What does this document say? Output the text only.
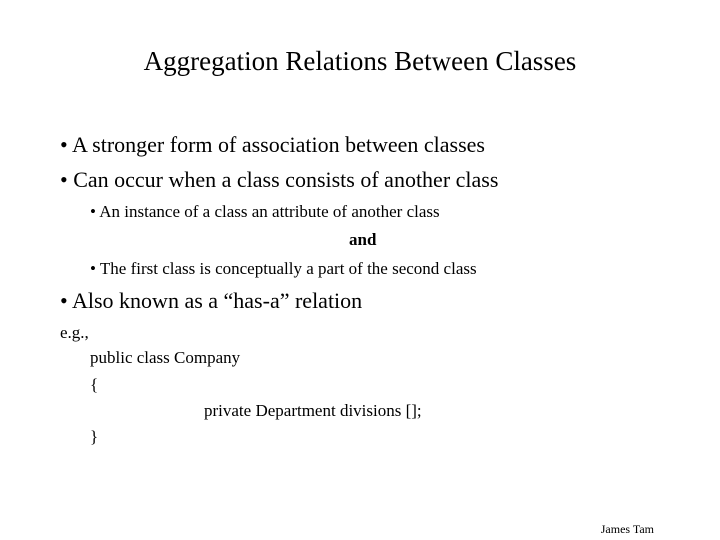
Aggregation Relations Between Classes
• A stronger form of association between classes
• Can occur when a class consists of another class
• An instance of a class an attribute of another class
and
• The first class is conceptually a part of the second class
• Also known as a “has-a” relation
e.g.,
public class Company
{
private Department divisions [];
}
James Tam
